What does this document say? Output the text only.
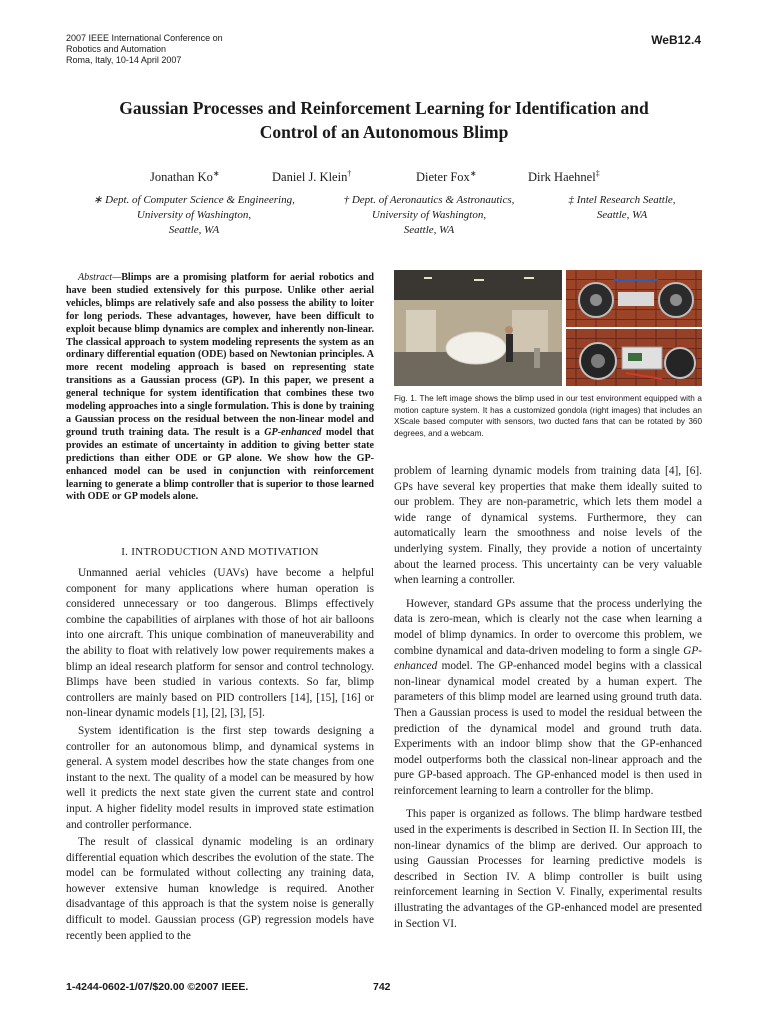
2007 IEEE International Conference on
Robotics and Automation
Roma, Italy, 10-14 April 2007
WeB12.4
Gaussian Processes and Reinforcement Learning for Identification and
Control of an Autonomous Blimp
Jonathan Ko∗	Daniel J. Klein†	Dieter Fox∗	Dirk Haehnel‡
∗ Dept. of Computer Science & Engineering,
University of Washington,
Seattle, WA
† Dept. of Aeronautics & Astronautics,
University of Washington,
Seattle, WA
‡ Intel Research Seattle,
Seattle, WA
Abstract—Blimps are a promising platform for aerial robotics and have been studied extensively for this purpose. Unlike other aerial vehicles, blimps are relatively safe and also possess the ability to loiter for long periods. These advantages, however, have been difficult to exploit because blimp dynamics are complex and inherently non-linear. The classical approach to system modeling represents the system as an ordinary differential equation (ODE) based on Newtonian principles. A more recent modeling approach is based on representing state transitions as a Gaussian process (GP). In this paper, we present a general technique for system identification that combines these two modeling approaches into a single formulation. This is done by training a Gaussian process on the residual between the non-linear model and ground truth training data. The result is a GP-enhanced model that provides an estimate of uncertainty in addition to giving better state predictions than either ODE or GP alone. We show how the GP-enhanced model can be used in conjunction with reinforcement learning to generate a blimp controller that is superior to those learned with ODE or GP models alone.
I. INTRODUCTION AND MOTIVATION

Unmanned aerial vehicles (UAVs) have become a helpful component for many applications where human operation is considered unnecessary or too dangerous. Blimps effectively combine the capabilities of airplanes with those of hot air balloons into one aircraft. This unique combination of maneuverability and the ability to float with relatively low power requirements makes a blimp an ideal research platform for sensor and control technology. Blimps have been studied in various contexts. So far, blimp controllers are mainly based on PID controllers [14], [15], [16] or non-linear dynamic models [1], [2], [3], [5].

System identification is the first step towards designing a controller for an autonomous blimp, and dynamical systems in general. A system model describes how the state changes from one instant to the next. The quality of a model can be measured by how well it predicts the next state given the current state and control input. A higher fidelity model results in improved state estimation and controller performance.

The result of classical dynamic modeling is an ordinary differential equation which describes the evolution of the state. The model can be formulated without collecting any training data, however extensive human knowledge is required. Another disadvantage of this approach is that the system noise is generally difficult to model. Gaussian process (GP) regression models have recently been applied to the

Fig. 1. The left image shows the blimp used in our test environment equipped with a motion capture system. It has a customized gondola (right images) that includes an XScale based computer with sensors, two ducted fans that can be rotated by 360 degrees, and a webcam.

problem of learning dynamic models from training data [4], [6]. GPs have several key properties that make them ideally suited to our problem. They are non-parametric, which lets them model a wide range of dynamical systems. Furthermore, they can automatically learn the smoothness and noise levels of the underlying system. Finally, they provide a notion of uncertainty about the learned process. This uncertainty can be very valuable when learning a controller.

However, standard GPs assume that the process underlying the data is zero-mean, which is clearly not the case when learning a model of blimp dynamics. In order to overcome this problem, we combine dynamical and data-driven modeling to form a single GP-enhanced model. The GP-enhanced model begins with a classical non-linear dynamical model created by a human expert. The parameters of this blimp model are learned using ground truth data. Then a Gaussian process is used to model the residual between the prediction of the dynamical model and ground truth data. Experiments with an indoor blimp show that the GP-enhanced model outperforms both the classical non-linear approach and the pure GP-based approach. The GP-enhanced model is then used in reinforcement learning to learn a controller for the blimp.

This paper is organized as follows. The blimp hardware testbed used in the experiments is described in Section II. In Section III, the non-linear dynamics of the blimp are derived. Our approach to using Gaussian Processes for learning predictive models is described in Section IV. A blimp controller is built using reinforcement learning in Section V. Finally, experimental results illustrating the advantages of the GP-enhanced model are presented in Section VI.

1-4244-0602-1/07/$20.00 ©2007 IEEE.	742
